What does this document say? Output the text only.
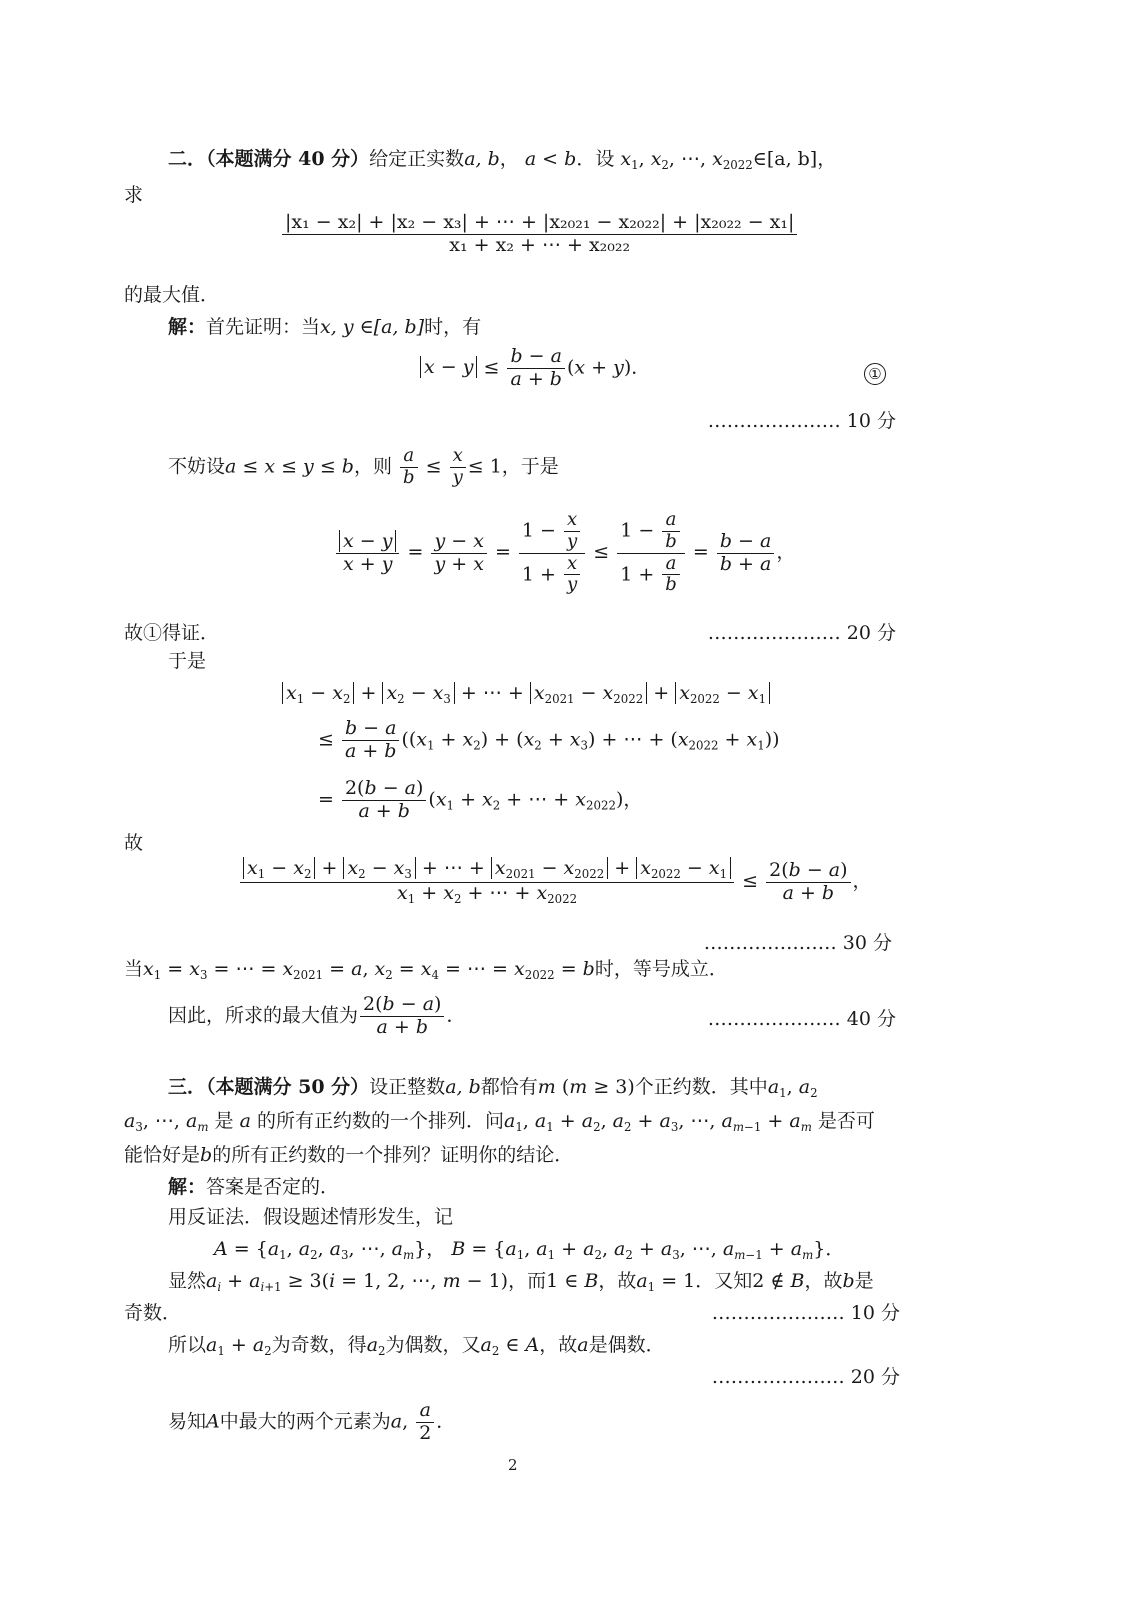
二．（本题满分 40 分）给定正实数a, b， a < b．设 $x_1$, $x_2$, ⋯, $x_{2022}\in[a$, b]，
求
$\frac{\text{|x₁ − x₂| + |x₂ − x₃| + ⋯ + |x₂₀₂₁ − x₂₀₂₂| + |x₂₀₂₂ − x₁|}}{\text{x₁ + x₂ + ⋯ + x₂₀₂₂}}$
的最大值．
解：首先证明：当x, y ∈[a, b]时，有
$x - y \le \frac{b - a}{a + b} (x + y)$．	①
………………… 10 分
不妨设a ≤ x ≤ y ≤ b，则 $\frac{a}{b} \le \frac{x}{y} \le 1$，于是
$\frac{x - y}{x + y} = \frac{y - x}{y + x} = \frac{1 - \frac{x}{y}}{1 + \frac{x}{y}} \le \frac{1 - \frac{a}{b}}{1 + \frac{a}{b}} = \frac{b - a}{b + a}$ ，
故①得证．	………………… 20 分
于是
$x_1 - x_2 + x_2 - x_3$ + ⋯ + $x_{2021} - x_{2022} + x_{2022} - x_1$
≤ $\frac{b - a}{a + b} ((x_1 + x_2) + (x_2 + x_3)$ + ⋯ + $(x_{2022} + x_1)$)
= $\frac{2(b - a)}{a + b} (x_1 + x_2$ + ⋯ + $x_{2022}$)，
故
$\frac{x_1 - x_2 + x_2 - x_3 + \cdots + x_{2021} - x_{2022} + x_{2022} - x_1}{x_1 + x_2 + \cdots + x_{2022}} \le \frac{2(b - a)}{a + b}$ ，
………………… 30 分
当$x_1 = x_3$ = ⋯ = $x_{2021} = a$, $x_2 = x_4$ = ⋯ = $x_{2022} = b$时，等号成立．
因此，所求的最大值为 $\frac{2(b - a)}{a + b}$ ．	………………… 40 分
三．（本题满分 50 分）设正整数a, b都恰有m (m ≥ 3)个正约数．其中$a_1$, $a_2$
$a_3$, ⋯, $a_m$ 是 a 的所有正约数的一个排列．问$a_1$, $a_1 + a_2$, $a_2 + a_3$, ⋯, $a_{m-1} + a_m$ 是否可
能恰好是b的所有正约数的一个排列？证明你的结论．
解：答案是否定的．
用反证法．假设题述情形发生，记
$A = \{a_1$, $a_2$, $a_3$, ⋯, $a_m$}， $B = \{a_1$, $a_1 + a_2$, $a_2 + a_3$, ⋯, $a_{m-1} + a_m$}．
显然$a_i + a_{i+1} \ge 3(i = 1$, 2, ⋯, m − 1)，而1 ∈ B，故$a_1 = 1$．又知2 ∉ B，故b是
奇数．	………………… 10 分
所以$a_1 + a_2$为奇数，得$a_2$为偶数，又$a_2$ ∈ A，故a是偶数．
………………… 20 分
易知A中最大的两个元素为a, $\frac{a}{2}$ ．
2
